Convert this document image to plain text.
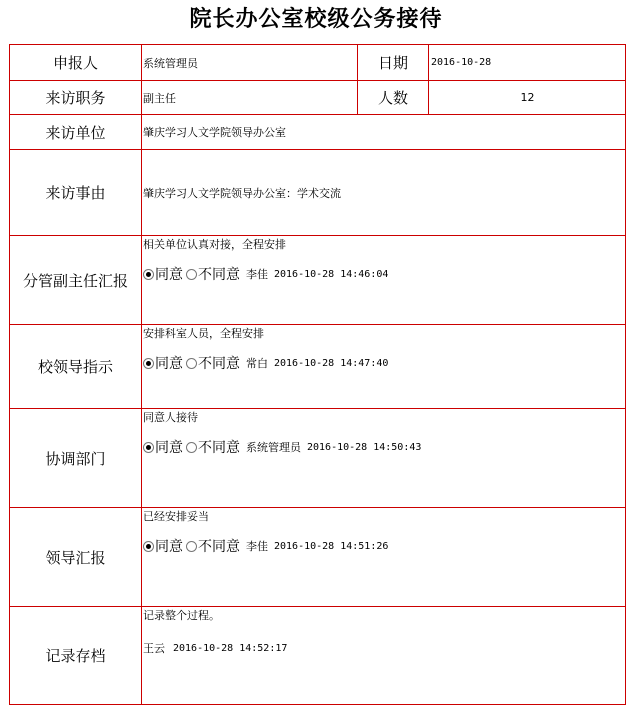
院长办公室校级公务接待
申报人	系统管理员	日期	2016-10-28
来访职务	副主任	人数	12
来访单位	肇庆学习人文学院领导办公室		
来访事由	肇庆学习人文学院领导办公室：学术交流		
分管副主任汇报	相关单位认真对接，全程安排
同意 不同意 李佳 2016-10-28 14:46:04		

校领导指示	安排科室人员，全程安排
同意 不同意 常白 2016-10-28 14:47:40		

协调部门	同意人接待
同意 不同意 系统管理员 2016-10-28 14:50:43		

领导汇报	已经安排妥当
同意 不同意 李佳 2016-10-28 14:51:26		

记录存档	记录整个过程。
王云 2016-10-28 14:52:17		
